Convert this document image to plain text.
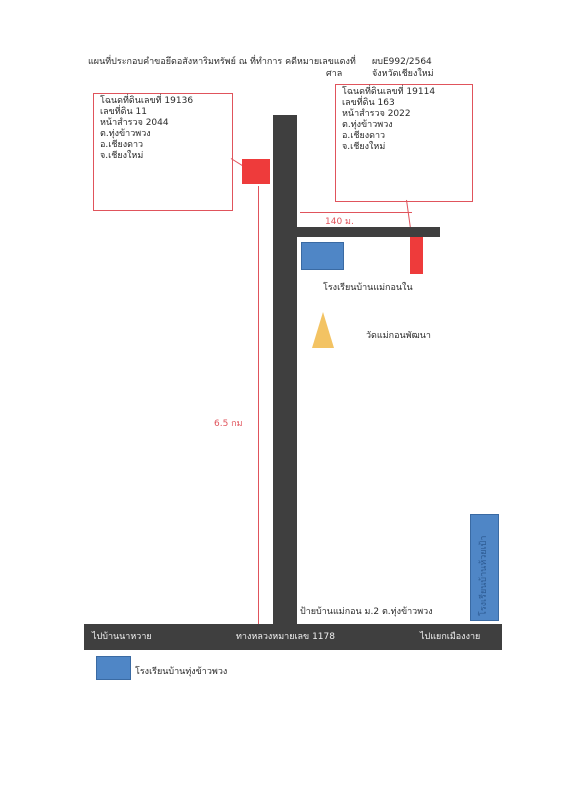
แผนที่ประกอบคำขอยึดอสังหาริมทรัพย์ ณ ที่ทำการ คดีหมายเลขแดงที่ ผบE992/2564
ศาล	จังหวัดเชียงใหม่
โฉนดที่ดินเลขที่ 19136
เลขที่ดิน 11
หน้าสำรวจ 2044
ต.ทุ่งข้าวพวง
อ.เชียงดาว
จ.เชียงใหม่
โฉนดที่ดินเลขที่ 19114
เลขที่ดิน 163
หน้าสำรวจ 2022
ต.ทุ่งข้าวพวง
อ.เชียงดาว
จ.เชียงใหม่
140 ม.
6.5 กม
โรงเรียนบ้านแม่กอนใน
วัดแม่กอนพัฒนา
โรงเรียนบ้านห้วยเป้า
ป้ายบ้านแม่กอน ม.2 ต.ทุ่งข้าวพวง
ไปบ้านนาหวาย	ทางหลวงหมายเลข 1178	ไปแยกเมืองงาย
โรงเรียนบ้านทุ่งข้าวพวง
